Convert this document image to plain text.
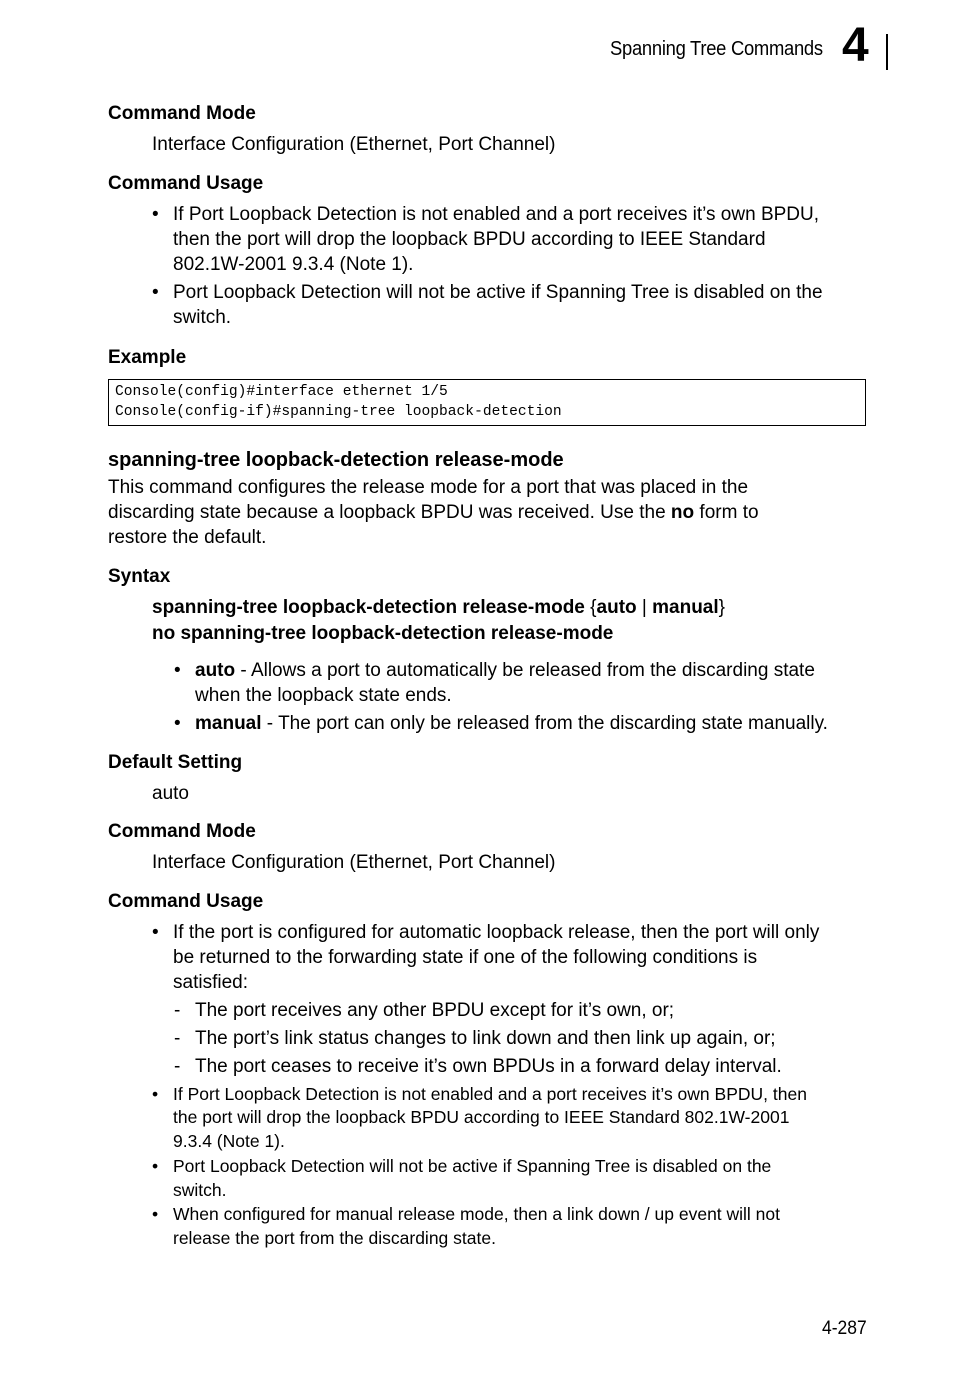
Spanning Tree Commands 4
Command Mode
Interface Configuration (Ethernet, Port Channel)
Command Usage
• If Port Loopback Detection is not enabled and a port receives it’s own BPDU,
then the port will drop the loopback BPDU according to IEEE Standard
802.1W-2001 9.3.4 (Note 1).
• Port Loopback Detection will not be active if Spanning Tree is disabled on the
switch.
Example
Console(config)#interface ethernet 1/5
Console(config-if)#spanning-tree loopback-detection
spanning-tree loopback-detection release-mode
This command configures the release mode for a port that was placed in the
discarding state because a loopback BPDU was received. Use the no form to
restore the default.
Syntax
spanning-tree loopback-detection release-mode {auto | manual}
no spanning-tree loopback-detection release-mode
• auto - Allows a port to automatically be released from the discarding state
when the loopback state ends.
• manual - The port can only be released from the discarding state manually.
Default Setting
auto
Command Mode
Interface Configuration (Ethernet, Port Channel)
Command Usage
• If the port is configured for automatic loopback release, then the port will only
be returned to the forwarding state if one of the following conditions is
satisfied:
- The port receives any other BPDU except for it’s own, or;
- The port’s link status changes to link down and then link up again, or;
- The port ceases to receive it’s own BPDUs in a forward delay interval.
• If Port Loopback Detection is not enabled and a port receives it’s own BPDU, then
the port will drop the loopback BPDU according to IEEE Standard 802.1W-2001
9.3.4 (Note 1).
• Port Loopback Detection will not be active if Spanning Tree is disabled on the
switch.
• When configured for manual release mode, then a link down / up event will not
release the port from the discarding state.
4-287
